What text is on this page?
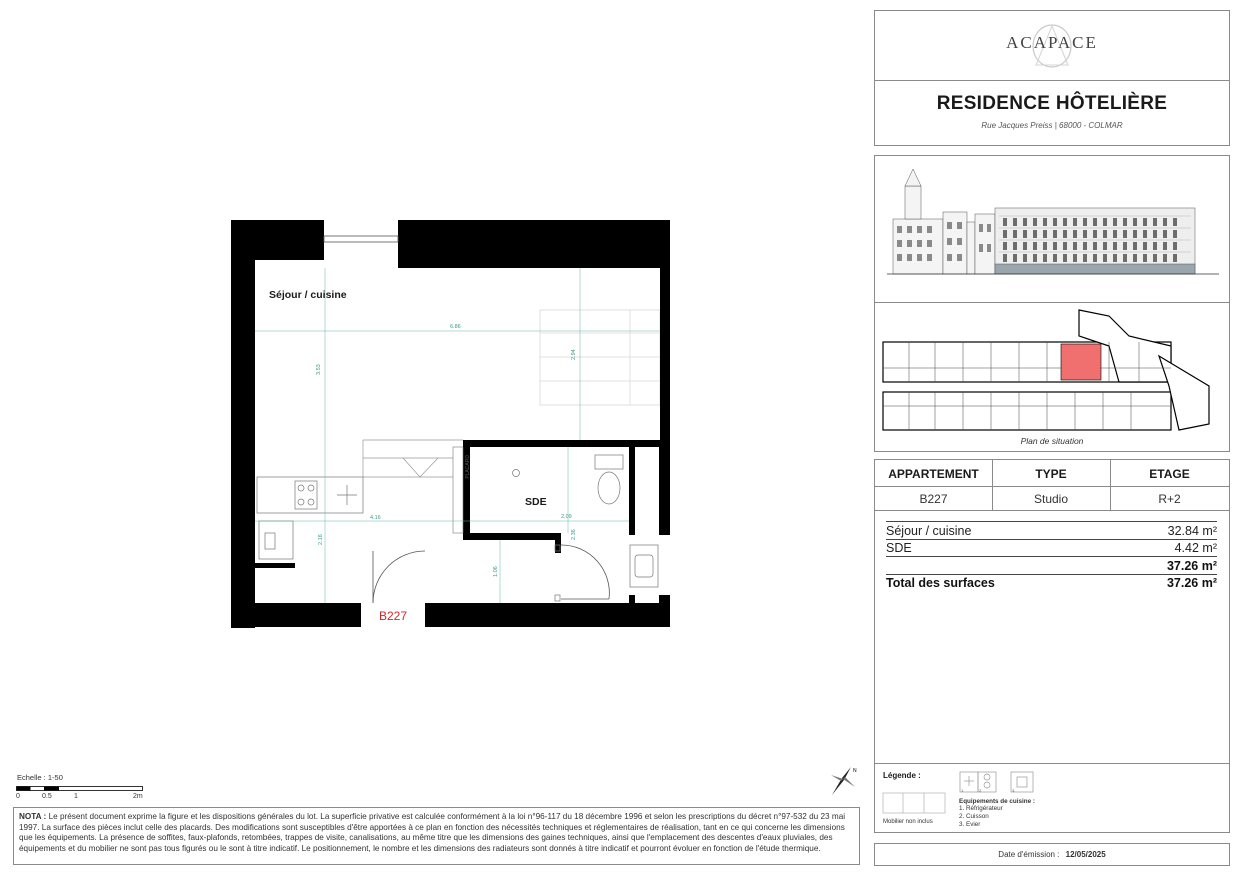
6.86
3.53
2.94
4.16
2.16
2.09
2.36
1.06
Séjour / cuisine
SDE
PLACARD
B227
Echelle : 1-50
0	0.5	1	2m
N
NOTA : Le présent document exprime la figure et les dispositions générales du lot. La superficie privative est calculée conformément à la loi n°96-117 du 18 décembre 1996 et selon les prescriptions du décret n°97-532 du 23 mai 1997. La surface des pièces inclut celle des placards. Des modifications sont susceptibles d'être apportées à ce plan en fonction des nécessités techniques et réglementaires de réalisation, tant en ce qui concerne les dimensions que les équipements. La présence de soffites, faux-plafonds, retombées, trappes de visite, canalisations, au même titre que les dimensions des gaines techniques, ainsi que l'emplacement des descentes d'eaux pluviales, des équipements et du mobilier ne sont pas tous figurés ou le sont à titre indicatif. Le positionnement, le nombre et les dimensions des radiateurs sont donnés à titre indicatif et pourront évoluer en fonction de l'étude thermique.
ACAPACE
RESIDENCE HÔTELIÈRE
Rue Jacques Preiss | 68000 - COLMAR
Plan de situation
APPARTEMENT	TYPE	ETAGE
B227	Studio	R+2
Séjour / cuisine	32.84 m²
SDE	4.42 m²
37.26 m²
Total des surfaces	37.26 m²
Légende :
Mobilier non inclus
1.	2.	3.
Equipements de cuisine :
1. Réfrigérateur
2. Cuisson
3. Evier
Date d'émission : 12/05/2025
